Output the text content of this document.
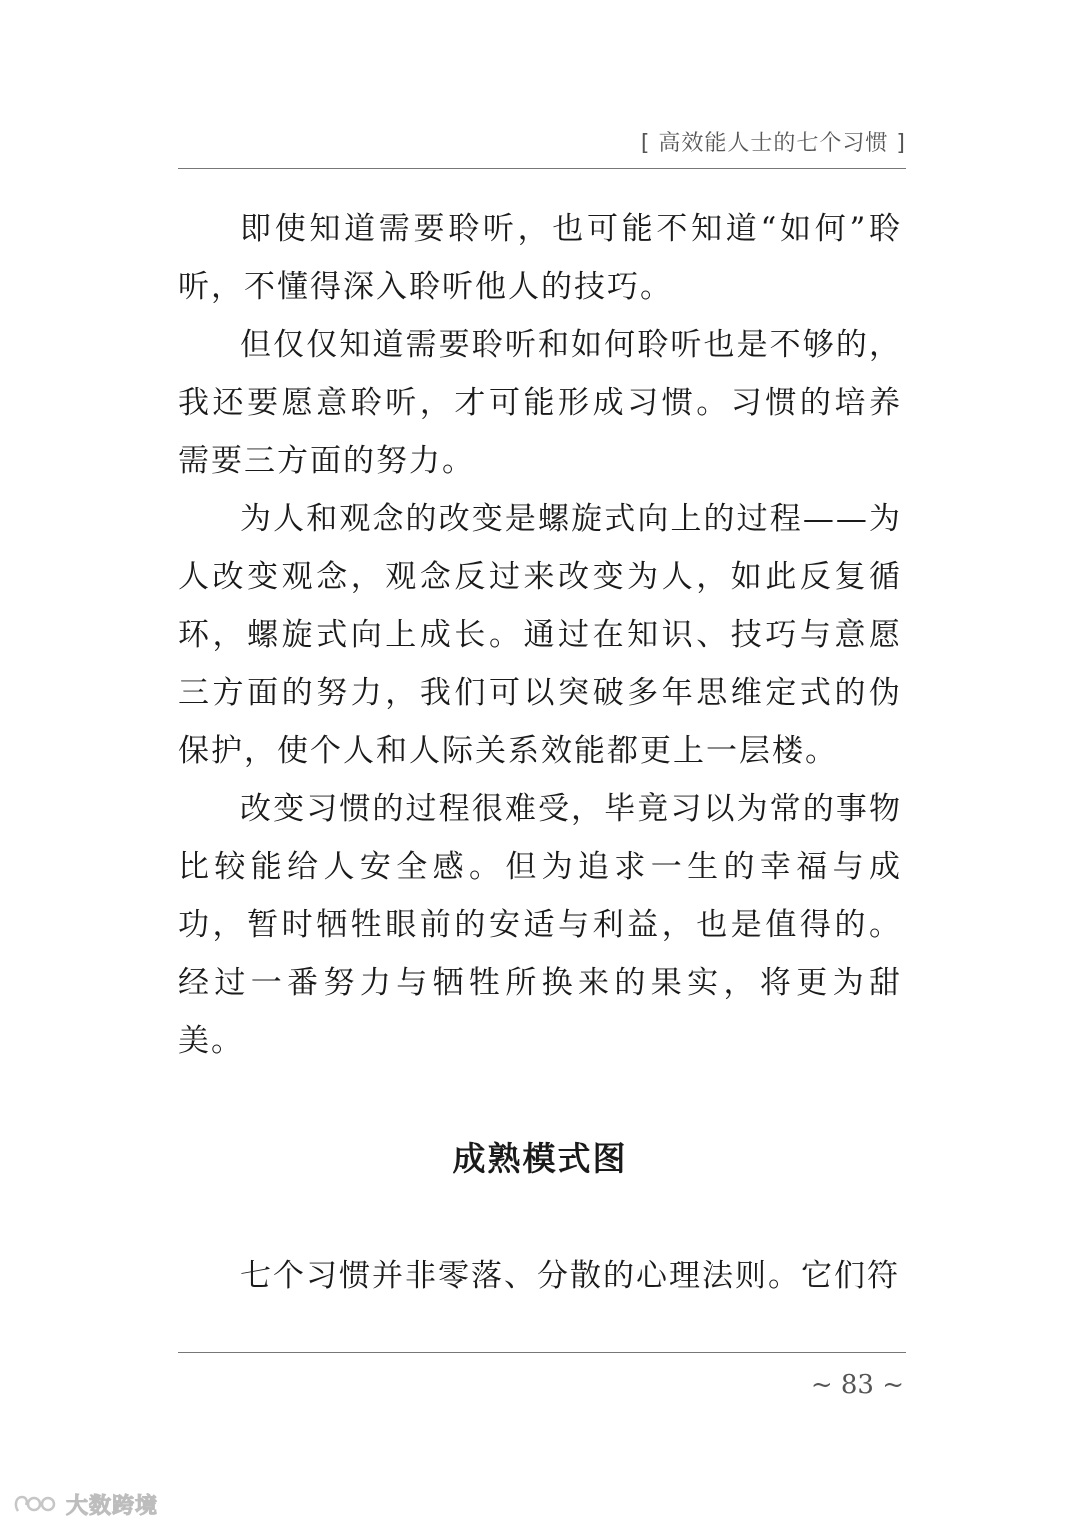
[ 高效能人士的七个习惯 ]

即使知道需要聆听，也可能不知道“如何”聆听，不懂得深入聆听他人的技巧。

但仅仅知道需要聆听和如何聆听也是不够的，我还要愿意聆听，才可能形成习惯。习惯的培养需要三方面的努力。

为人和观念的改变是螺旋式向上的过程——为人改变观念，观念反过来改变为人，如此反复循环，螺旋式向上成长。通过在知识、技巧与意愿三方面的努力，我们可以突破多年思维定式的伪保护，使个人和人际关系效能都更上一层楼。

改变习惯的过程很难受，毕竟习以为常的事物比较能给人安全感。但为追求一生的幸福与成功，暂时牺牲眼前的安适与利益，也是值得的。经过一番努力与牺牲所换来的果实，将更为甜美。

成熟模式图

七个习惯并非零落、分散的心理法则。它们符

~ 83 ~
大数跨境
